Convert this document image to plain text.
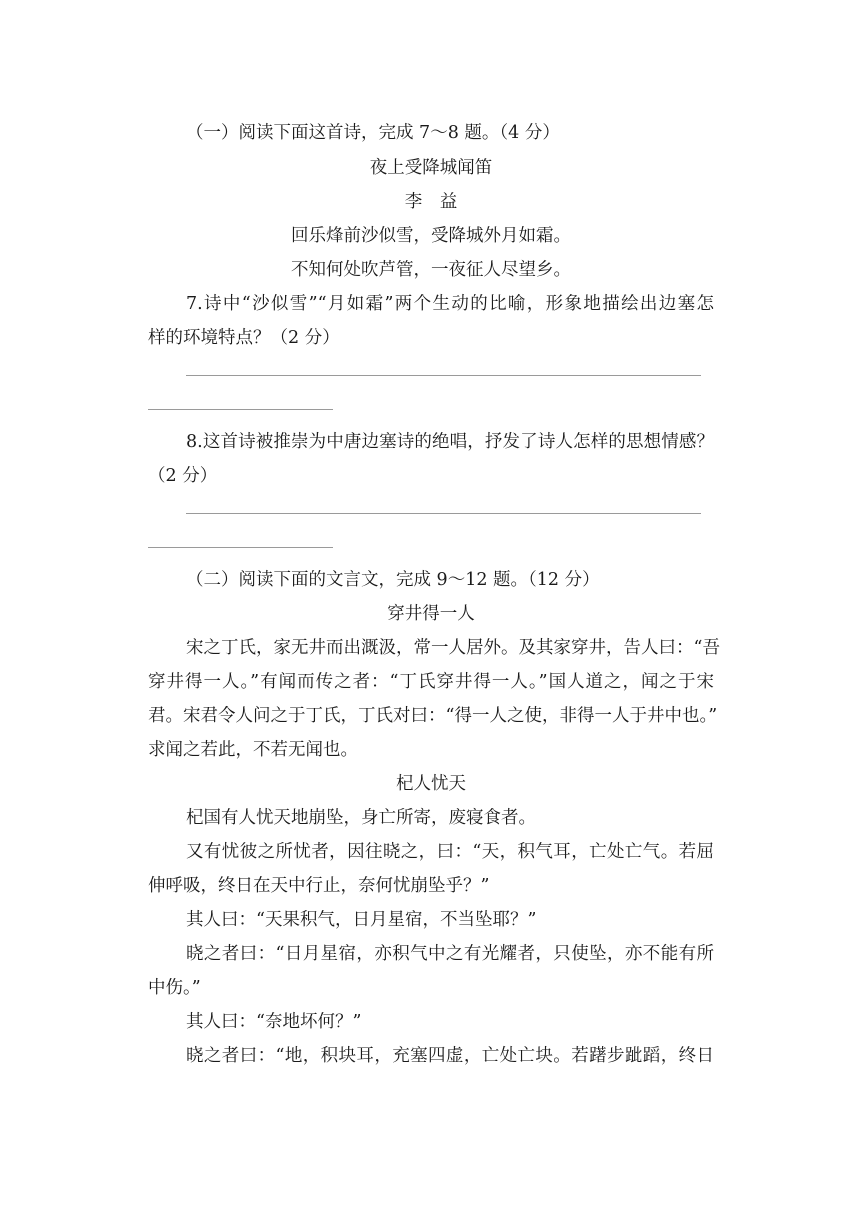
（一）阅读下面这首诗，完成 7～8 题。（4 分）
夜上受降城闻笛
李　益
回乐烽前沙似雪，受降城外月如霜。
不知何处吹芦管，一夜征人尽望乡。
7.诗中“沙似雪”“月如霜”两个生动的比喻，形象地描绘出边塞怎
样的环境特点？（2 分）
8.这首诗被推崇为中唐边塞诗的绝唱，抒发了诗人怎样的思想情感？
（2 分）
（二）阅读下面的文言文，完成 9～12 题。（12 分）
穿井得一人
宋之丁氏，家无井而出溉汲，常一人居外。及其家穿井，告人曰：“吾
穿井得一人。”有闻而传之者：“丁氏穿井得一人。”国人道之，闻之于宋
君。宋君令人问之于丁氏，丁氏对曰：“得一人之使，非得一人于井中也。”
求闻之若此，不若无闻也。
杞人忧天
杞国有人忧天地崩坠，身亡所寄，废寝食者。
又有忧彼之所忧者，因往晓之，曰：“天，积气耳，亡处亡气。若屈
伸呼吸，终日在天中行止，奈何忧崩坠乎？”
其人曰：“天果积气，日月星宿，不当坠耶？”
晓之者曰：“日月星宿，亦积气中之有光耀者，只使坠，亦不能有所
中伤。”
其人曰：“奈地坏何？”
晓之者曰：“地，积块耳，充塞四虚，亡处亡块。若躇步跐蹈，终日
